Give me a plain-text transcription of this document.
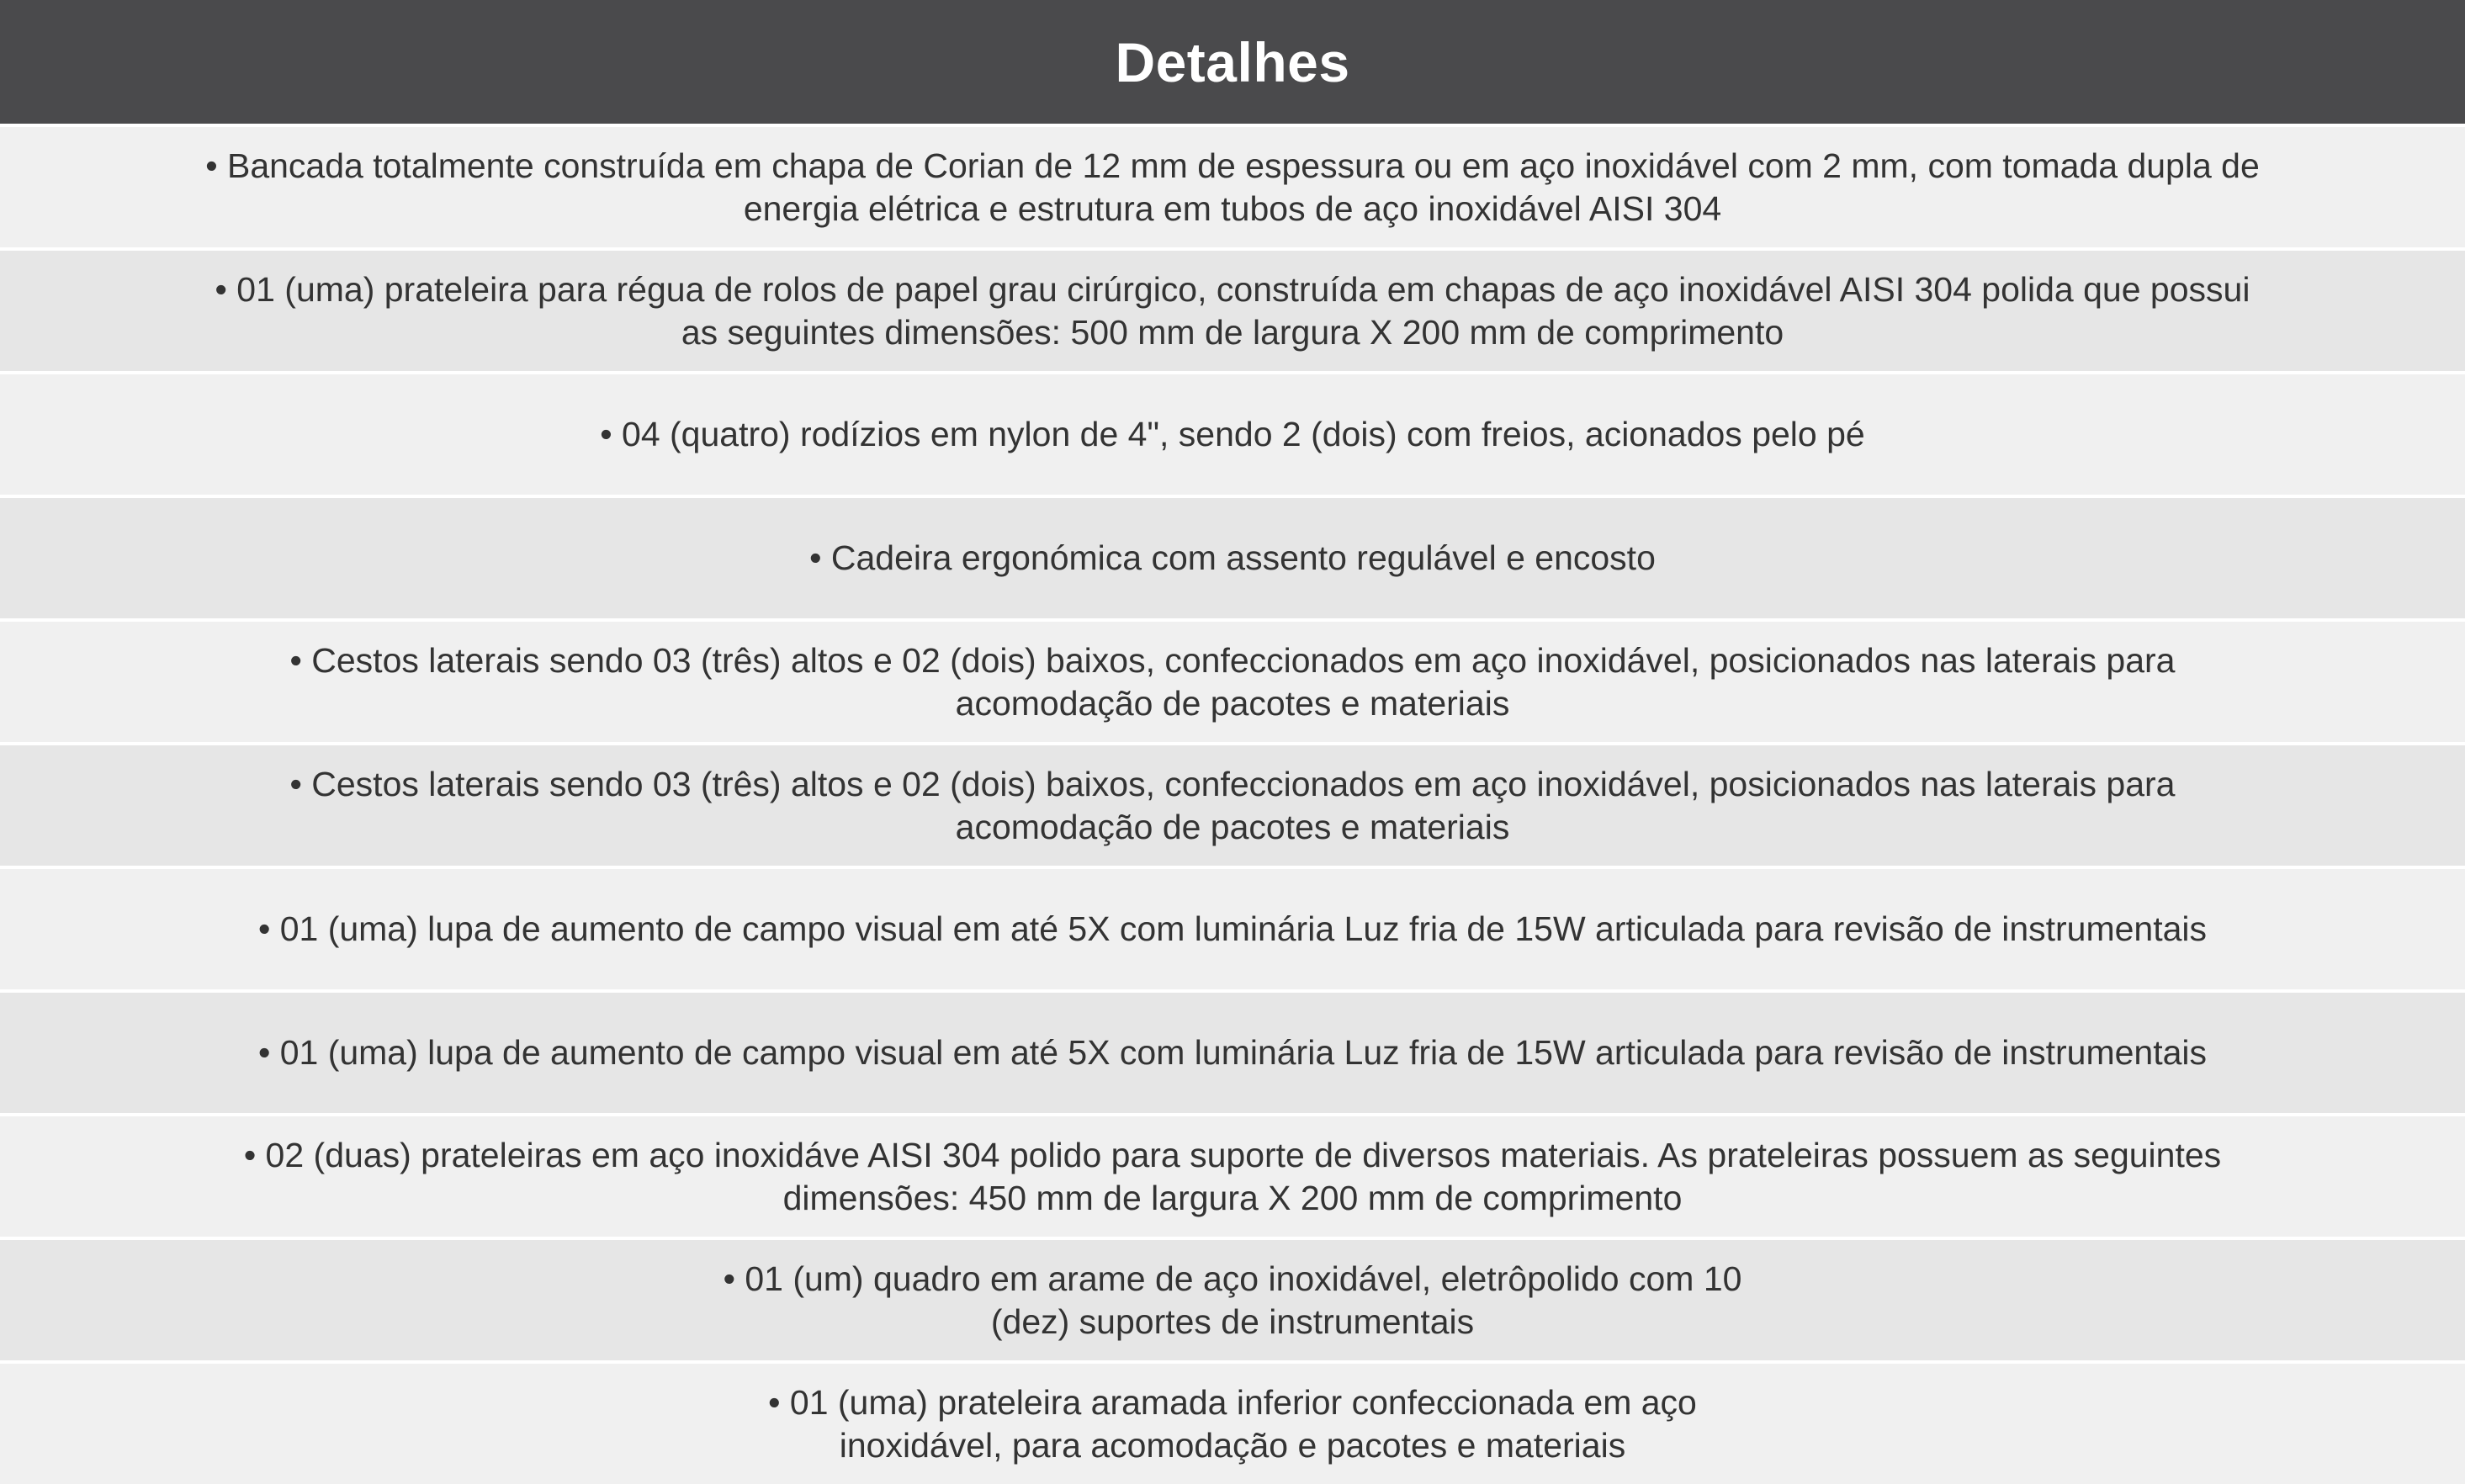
Detalhes
• Bancada totalmente construída em chapa de Corian de 12 mm de espessura ou em aço inoxidável com 2 mm, com tomada dupla de
energia elétrica e estrutura em tubos de aço inoxidável AISI 304
• 01 (uma) prateleira para régua de rolos de papel grau cirúrgico, construída em chapas de aço inoxidável AISI 304 polida que possui
as seguintes dimensões: 500 mm de largura X 200 mm de comprimento
• 04 (quatro) rodízios em nylon de 4", sendo 2 (dois) com freios, acionados pelo pé
• Cadeira ergonómica com assento regulável e encosto
• Cestos laterais sendo 03 (três) altos e 02 (dois) baixos, confeccionados em aço inoxidável, posicionados nas laterais para
acomodação de pacotes e materiais
• Cestos laterais sendo 03 (três) altos e 02 (dois) baixos, confeccionados em aço inoxidável, posicionados nas laterais para
acomodação de pacotes e materiais
• 01 (uma) lupa de aumento de campo visual em até 5X com luminária Luz fria de 15W articulada para revisão de instrumentais
• 01 (uma) lupa de aumento de campo visual em até 5X com luminária Luz fria de 15W articulada para revisão de instrumentais
• 02 (duas) prateleiras em aço inoxidáve AISI 304 polido para suporte de diversos materiais. As prateleiras possuem as seguintes
dimensões: 450 mm de largura X 200 mm de comprimento
• 01 (um) quadro em arame de aço inoxidável, eletrôpolido com 10
(dez) suportes de instrumentais
• 01 (uma) prateleira aramada inferior confeccionada em aço
inoxidável, para acomodação e pacotes e materiais
